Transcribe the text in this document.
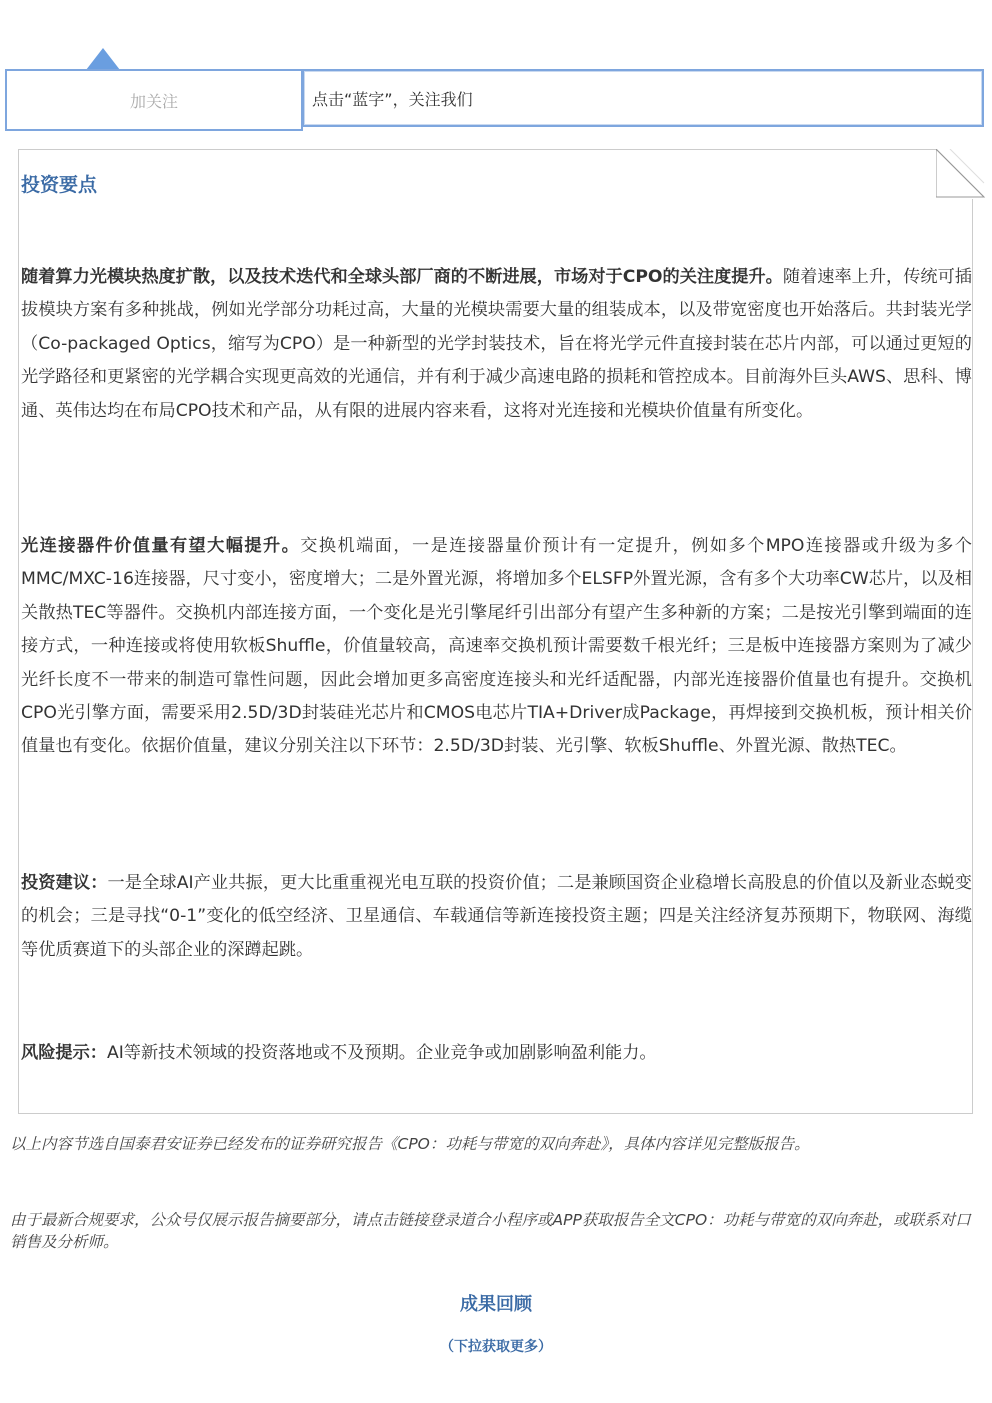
加关注	点击“蓝字”，关注我们
投资要点

随着算力光模块热度扩散，以及技术迭代和全球头部厂商的不断进展，市场对于CPO的关注度提升。随着速率上升，传统可插拔模块方案有多种挑战，例如光学部分功耗过高，大量的光模块需要大量的组装成本，以及带宽密度也开始落后。共封装光学（Co-packaged Optics，缩写为CPO）是一种新型的光学封装技术，旨在将光学元件直接封装在芯片内部，可以通过更短的光学路径和更紧密的光学耦合实现更高效的光通信，并有利于减少高速电路的损耗和管控成本。目前海外巨头AWS、思科、博通、英伟达均在布局CPO技术和产品，从有限的进展内容来看，这将对光连接和光模块价值量有所变化。

光连接器件价值量有望大幅提升。交换机端面，一是连接器量价预计有一定提升，例如多个MPO连接器或升级为多个MMC/MXC-16连接器，尺寸变小，密度增大；二是外置光源，将增加多个ELSFP外置光源，含有多个大功率CW芯片，以及相关散热TEC等器件。交换机内部连接方面，一个变化是光引擎尾纤引出部分有望产生多种新的方案；二是按光引擎到端面的连接方式，一种连接或将使用软板Shuffle，价值量较高，高速率交换机预计需要数千根光纤；三是板中连接器方案则为了减少光纤长度不一带来的制造可靠性问题，因此会增加更多高密度连接头和光纤适配器，内部光连接器价值量也有提升。交换机CPO光引擎方面，需要采用2.5D/3D封装硅光芯片和CMOS电芯片TIA+Driver成Package，再焊接到交换机板，预计相关价值量也有变化。依据价值量，建议分别关注以下环节：2.5D/3D封装、光引擎、软板Shuffle、外置光源、散热TEC。

投资建议：一是全球AI产业共振，更大比重重视光电互联的投资价值；二是兼顾国资企业稳增长高股息的价值以及新业态蜕变的机会；三是寻找“0-1”变化的低空经济、卫星通信、车载通信等新连接投资主题；四是关注经济复苏预期下，物联网、海缆等优质赛道下的头部企业的深蹲起跳。

风险提示：AI等新技术领域的投资落地或不及预期。企业竞争或加剧影响盈利能力。

以上内容节选自国泰君安证券已经发布的证券研究报告《CPO：功耗与带宽的双向奔赴》，具体内容详见完整版报告。

由于最新合规要求，公众号仅展示报告摘要部分，请点击链接登录道合小程序或APP获取报告全文CPO：功耗与带宽的双向奔赴，或联系对口销售及分析师。

成果回顾
（下拉获取更多）
